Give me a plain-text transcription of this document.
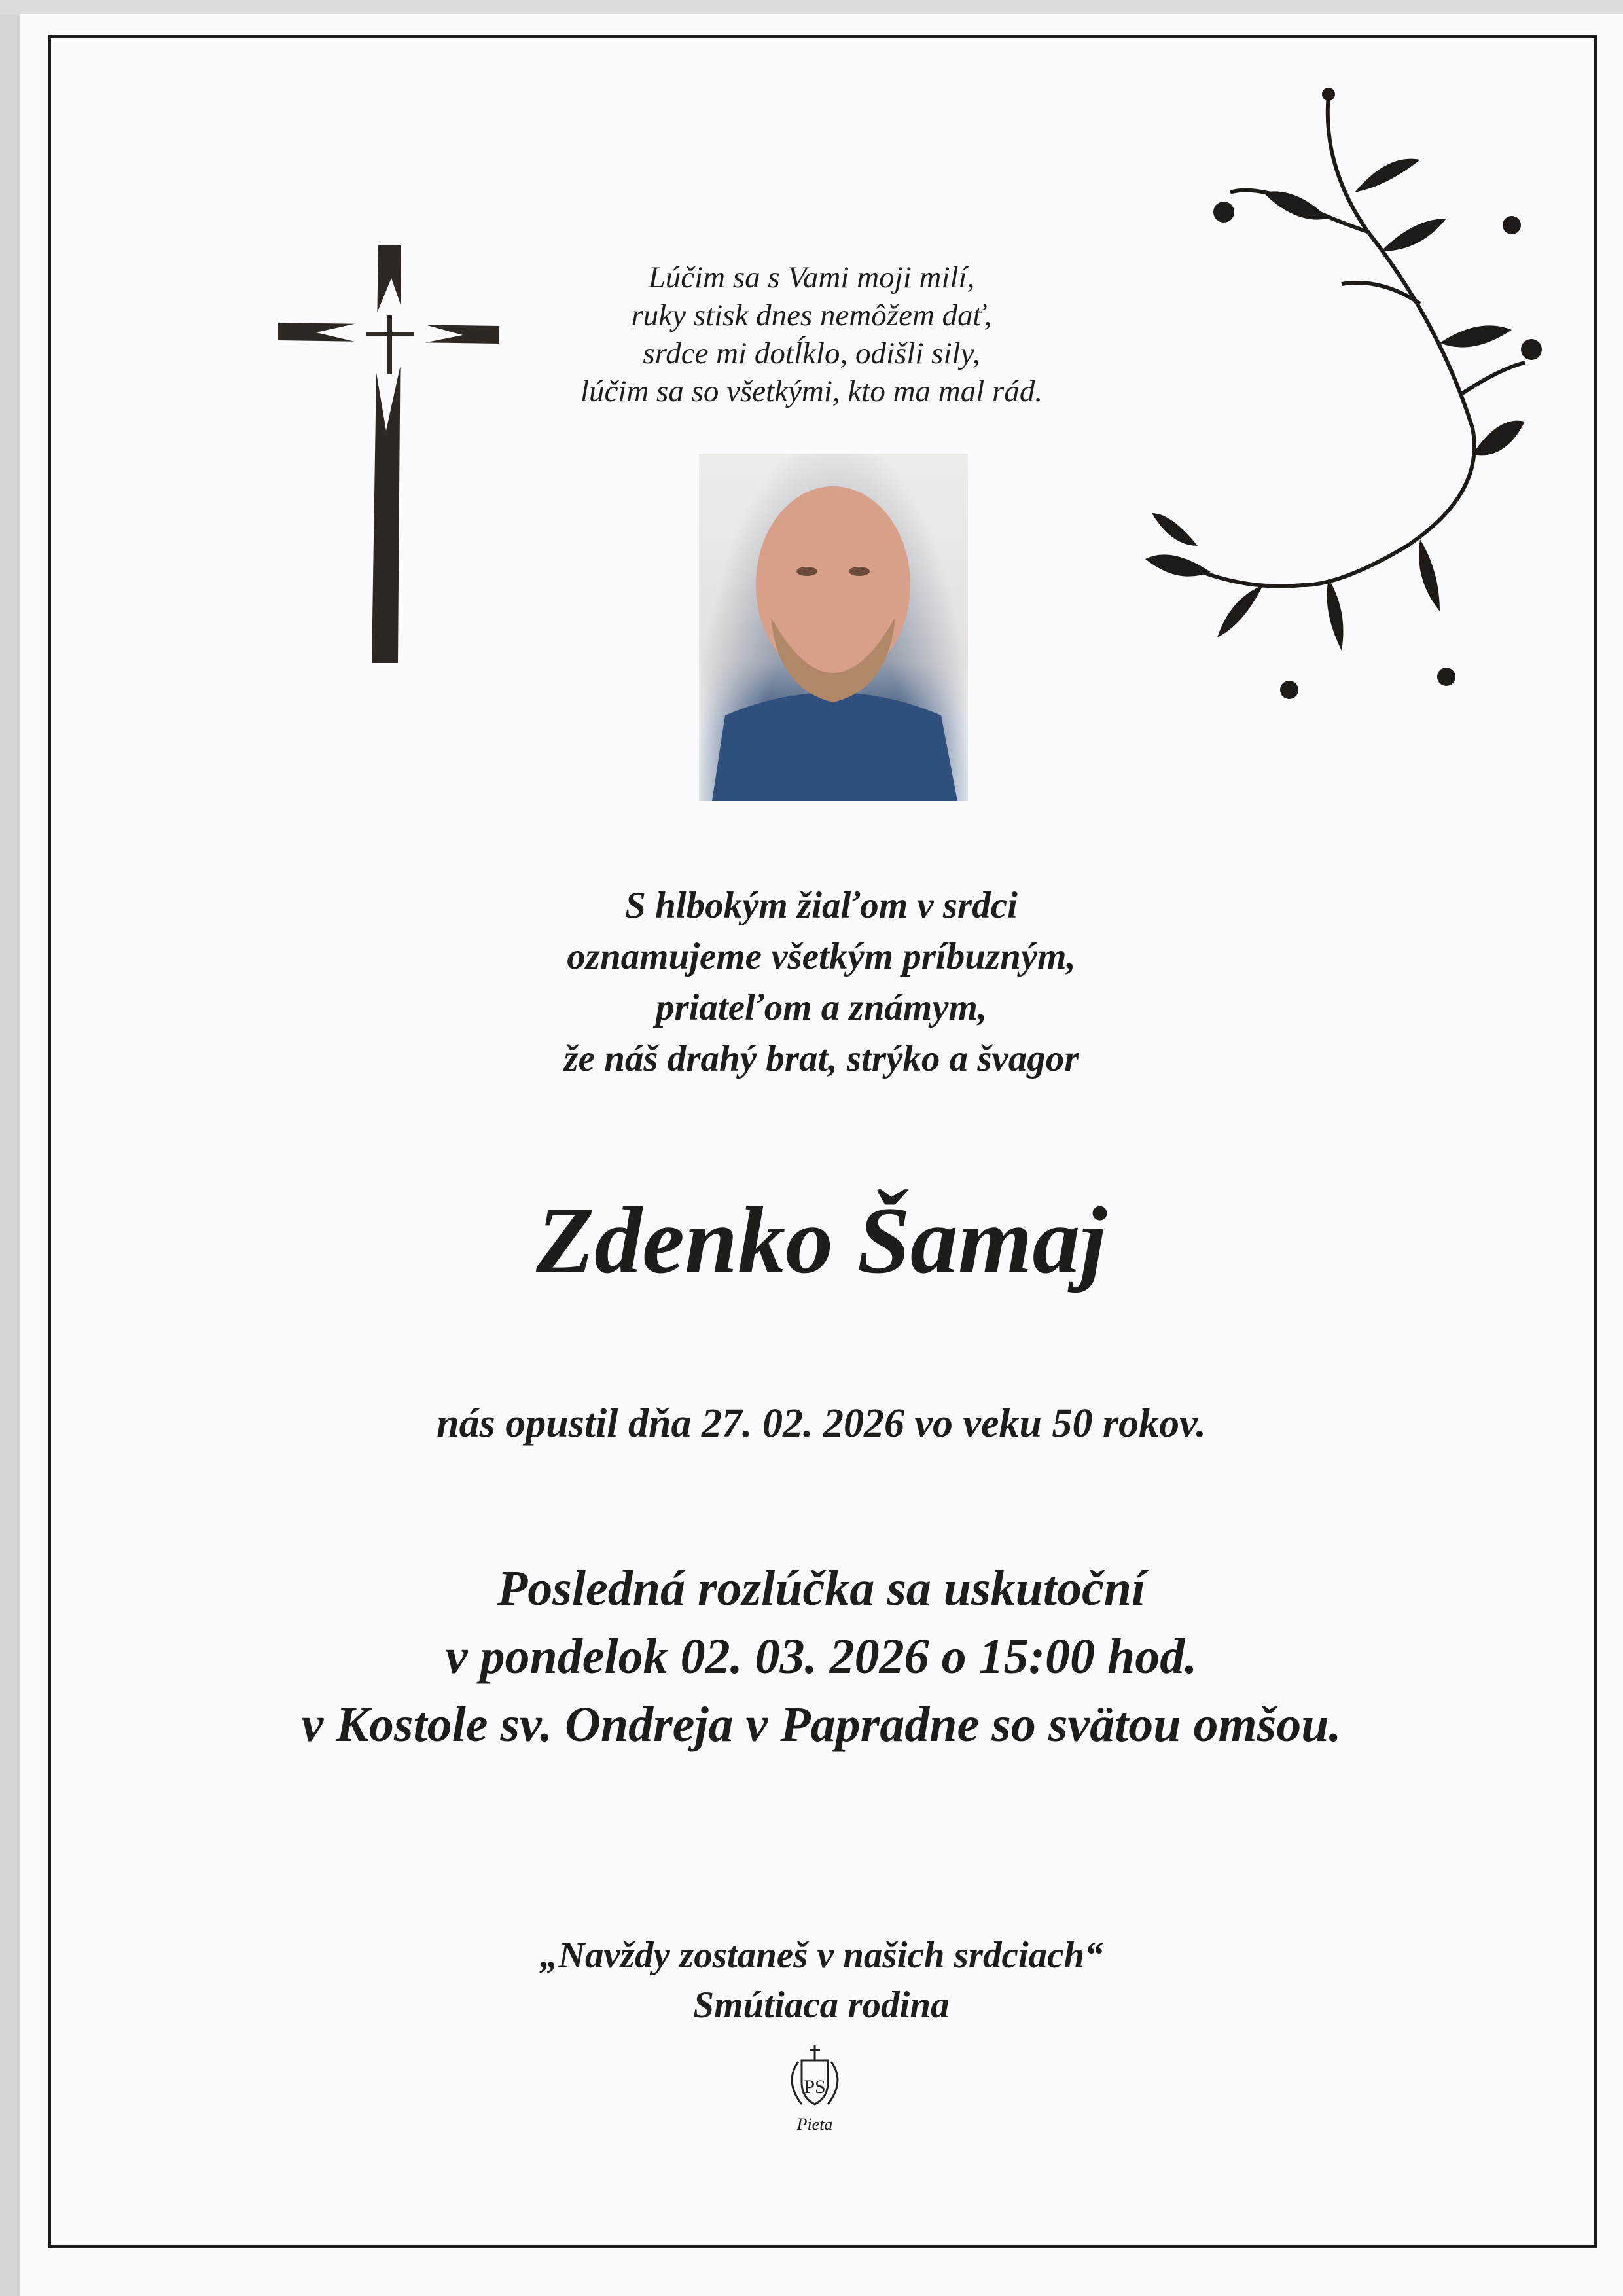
Lúčim sa s Vami moji milí,
ruky stisk dnes nemôžem dať,
srdce mi dotĺklo, odišli sily,
lúčim sa so všetkými, kto ma mal rád.
S hlbokým žiaľom v srdci
oznamujeme všetkým príbuzným,
priateľom a známym,
že náš drahý brat, strýko a švagor
Zdenko Šamaj
nás opustil dňa 27. 02. 2026 vo veku 50 rokov.
Posledná rozlúčka sa uskutoční
v pondelok 02. 03. 2026 o 15:00 hod.
v Kostole sv. Ondreja v Papradne so svätou omšou.
„Navždy zostaneš v našich srdciach“
Smútiaca rodina
PS
Pieta
